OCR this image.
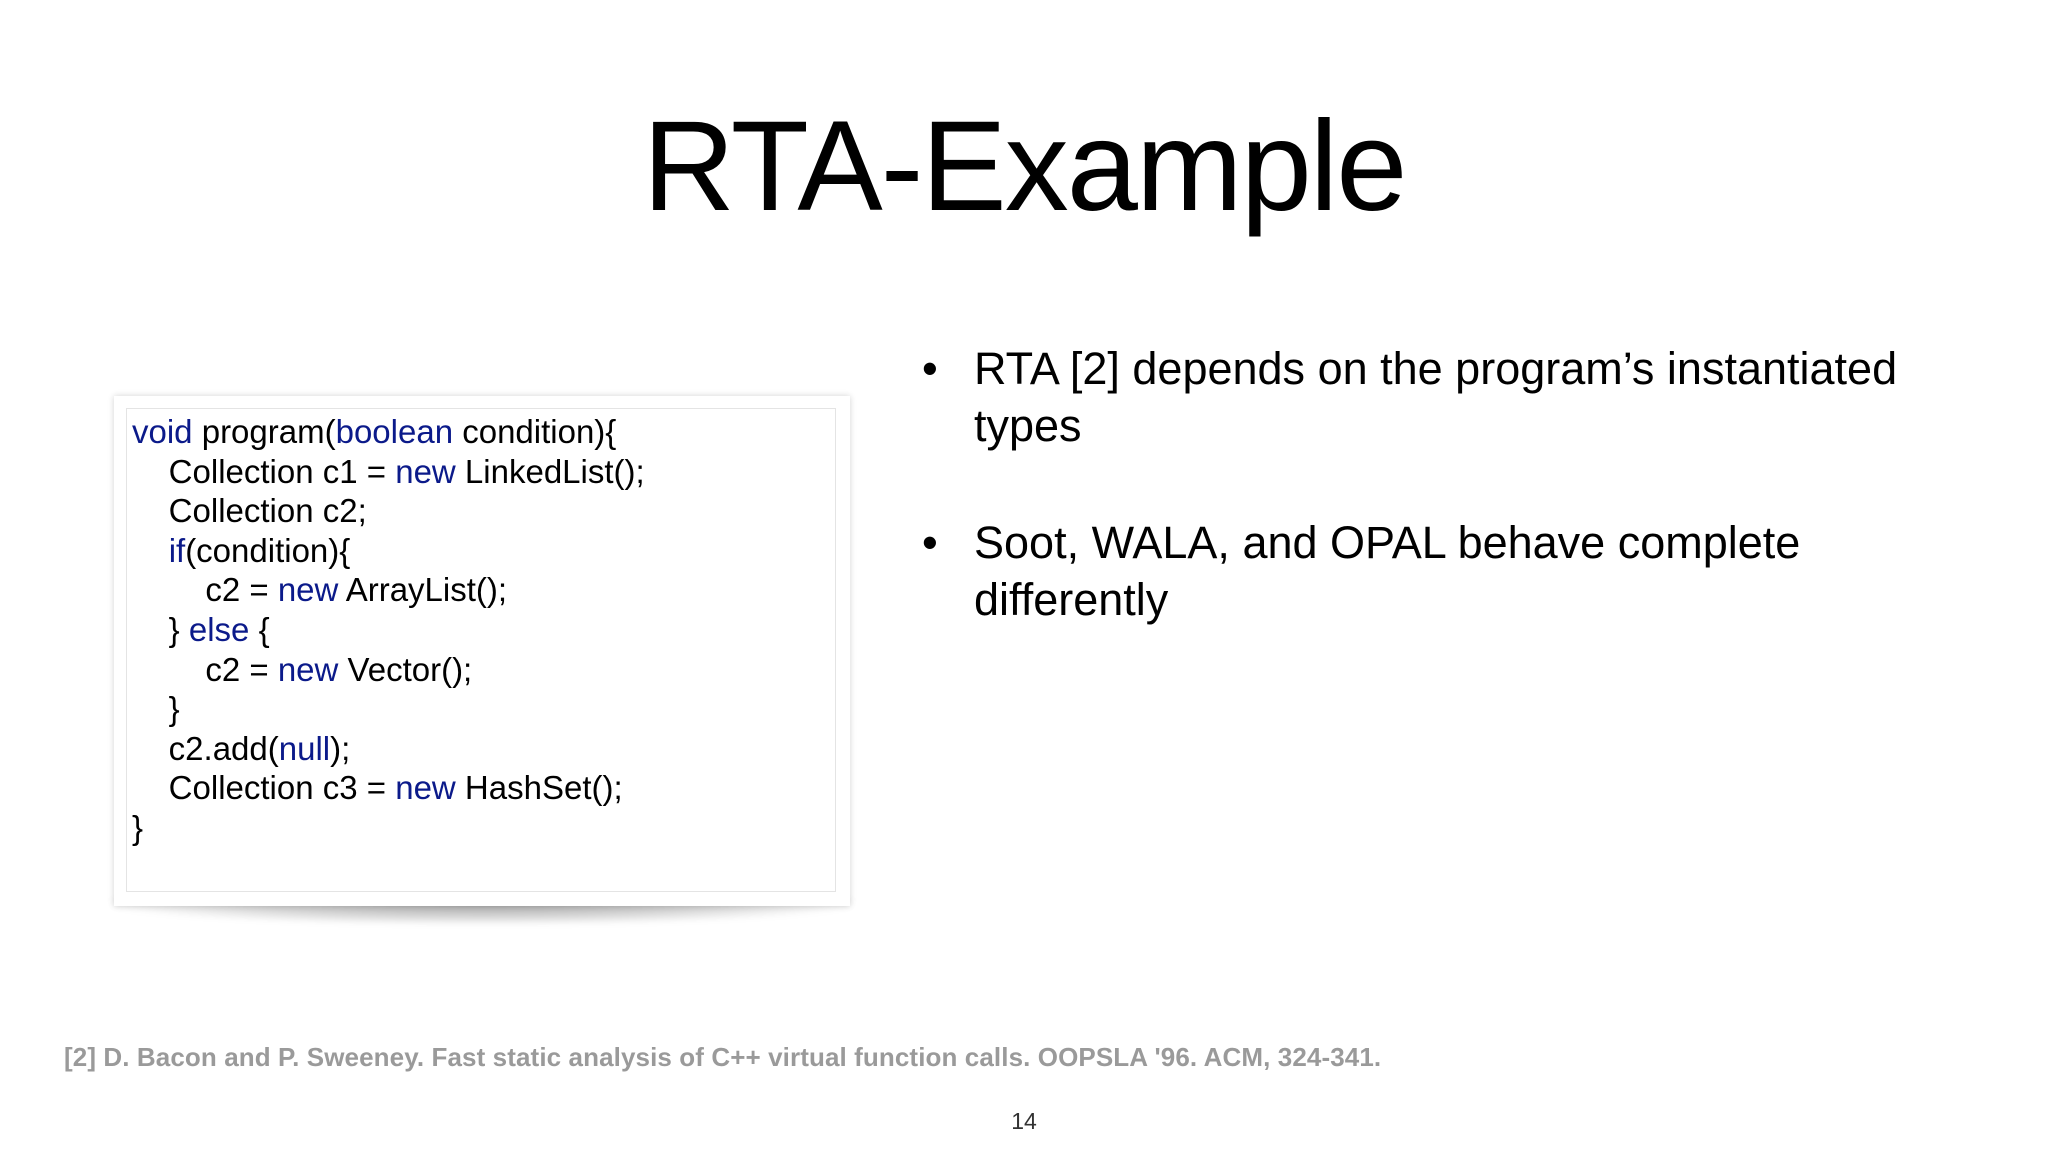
RTA-Example
void program(boolean condition){
Collection c1 = new LinkedList();
Collection c2;
if(condition){
c2 = new ArrayList();
} else {
c2 = new Vector();
}
c2.add(null);
Collection c3 = new HashSet();
}
• RTA [2] depends on the program’s instantiated types
• Soot, WALA, and OPAL behave complete differently
[2] D. Bacon and P. Sweeney. Fast static analysis of C++ virtual function calls. OOPSLA '96. ACM, 324-341.
14
